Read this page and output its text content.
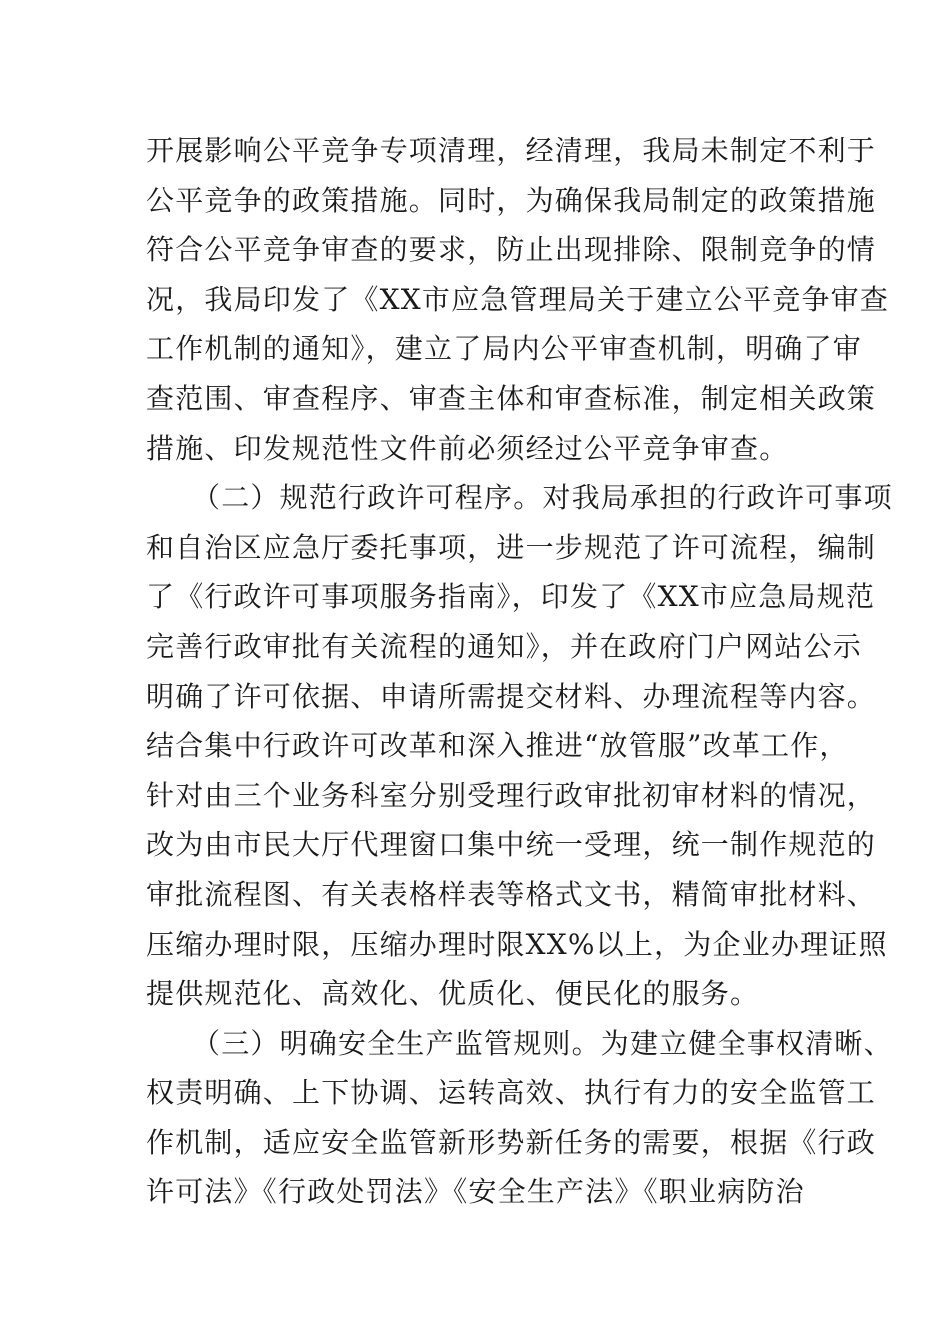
开展影响公平竞争专项清理，经清理，我局未制定不利于
公平竞争的政策措施。同时，为确保我局制定的政策措施
符合公平竞争审查的要求，防止出现排除、限制竞争的情
况，我局印发了《XX市应急管理局关于建立公平竞争审查
工作机制的通知》，建立了局内公平审查机制，明确了审
查范围、审查程序、审查主体和审查标准，制定相关政策
措施、印发规范性文件前必须经过公平竞争审查。
（二）规范行政许可程序。对我局承担的行政许可事项
和自治区应急厅委托事项，进一步规范了许可流程，编制
了《行政许可事项服务指南》，印发了《XX市应急局规范
完善行政审批有关流程的通知》，并在政府门户网站公示
明确了许可依据、申请所需提交材料、办理流程等内容。
结合集中行政许可改革和深入推进“放管服”改革工作，
针对由三个业务科室分别受理行政审批初审材料的情况，
改为由市民大厅代理窗口集中统一受理，统一制作规范的
审批流程图、有关表格样表等格式文书，精简审批材料、
压缩办理时限，压缩办理时限XX%以上，为企业办理证照
提供规范化、高效化、优质化、便民化的服务。
（三）明确安全生产监管规则。为建立健全事权清晰、
权责明确、上下协调、运转高效、执行有力的安全监管工
作机制，适应安全监管新形势新任务的需要，根据《行政
许可法》《行政处罚法》《安全生产法》《职业病防治
